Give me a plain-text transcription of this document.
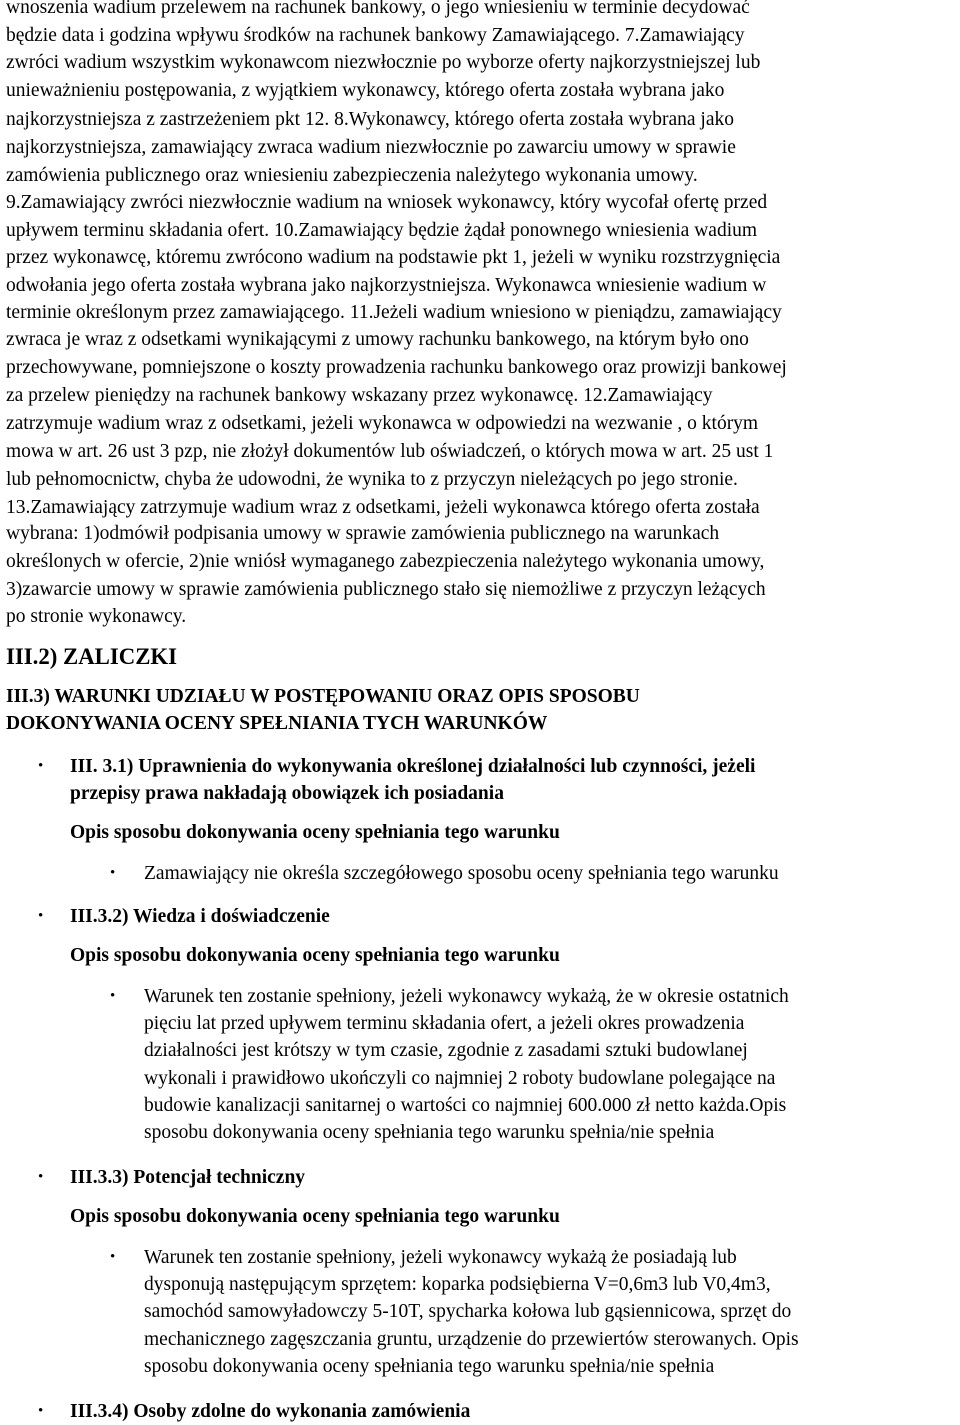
wnoszenia wadium przelewem na rachunek bankowy, o jego wniesieniu w terminie decydować

będzie data i godzina wpływu środków na rachunek bankowy Zamawiającego. 7.Zamawiający

zwróci wadium wszystkim wykonawcom niezwłocznie po wyborze oferty najkorzystniejszej lub

unieważnieniu postępowania, z wyjątkiem wykonawcy, którego oferta została wybrana jako

najkorzystniejsza z zastrzeżeniem pkt 12. 8.Wykonawcy, którego oferta została wybrana jako

najkorzystniejsza, zamawiający zwraca wadium niezwłocznie po zawarciu umowy w sprawie

zamówienia publicznego oraz wniesieniu zabezpieczenia należytego wykonania umowy.

9.Zamawiający zwróci niezwłocznie wadium na wniosek wykonawcy, który wycofał ofertę przed

upływem terminu składania ofert. 10.Zamawiający będzie żądał ponownego wniesienia wadium

przez wykonawcę, któremu zwrócono wadium na podstawie pkt 1, jeżeli w wyniku rozstrzygnięcia

odwołania jego oferta została wybrana jako najkorzystniejsza. Wykonawca wniesienie wadium w

terminie określonym przez zamawiającego. 11.Jeżeli wadium wniesiono w pieniądzu, zamawiający

zwraca je wraz z odsetkami wynikającymi z umowy rachunku bankowego, na którym było ono

przechowywane, pomniejszone o koszty prowadzenia rachunku bankowego oraz prowizji bankowej

za przelew pieniędzy na rachunek bankowy wskazany przez wykonawcę. 12.Zamawiający

zatrzymuje wadium wraz z odsetkami, jeżeli wykonawca w odpowiedzi na wezwanie , o którym

mowa w art. 26 ust 3 pzp, nie złożył dokumentów lub oświadczeń, o których mowa w art. 25 ust 1

lub pełnomocnictw, chyba że udowodni, że wynika to z przyczyn nieleżących po jego stronie.

13.Zamawiający zatrzymuje wadium wraz z odsetkami, jeżeli wykonawca którego oferta została

wybrana: 1)odmówił podpisania umowy w sprawie zamówienia publicznego na warunkach

określonych w ofercie, 2)nie wniósł wymaganego zabezpieczenia należytego wykonania umowy,

3)zawarcie umowy w sprawie zamówienia publicznego stało się niemożliwe z przyczyn leżących

po stronie wykonawcy.

III.2) ZALICZKI
III.3) WARUNKI UDZIAŁU W POSTĘPOWANIU ORAZ OPIS SPOSOBU
DOKONYWANIA OCENY SPEŁNIANIA TYCH WARUNKÓW
• III. 3.1) Uprawnienia do wykonywania określonej działalności lub czynności, jeżeli
przepisy prawa nakładają obowiązek ich posiadania
Opis sposobu dokonywania oceny spełniania tego warunku
• Zamawiający nie określa szczegółowego sposobu oceny spełniania tego warunku
• III.3.2) Wiedza i doświadczenie
Opis sposobu dokonywania oceny spełniania tego warunku
• Warunek ten zostanie spełniony, jeżeli wykonawcy wykażą, że w okresie ostatnich
pięciu lat przed upływem terminu składania ofert, a jeżeli okres prowadzenia
działalności jest krótszy w tym czasie, zgodnie z zasadami sztuki budowlanej
wykonali i prawidłowo ukończyli co najmniej 2 roboty budowlane polegające na
budowie kanalizacji sanitarnej o wartości co najmniej 600.000 zł netto każda.Opis
sposobu dokonywania oceny spełniania tego warunku spełnia/nie spełnia
• III.3.3) Potencjał techniczny
Opis sposobu dokonywania oceny spełniania tego warunku
• Warunek ten zostanie spełniony, jeżeli wykonawcy wykażą że posiadają lub
dysponują następującym sprzętem: koparka podsiębierna V=0,6m3 lub V0,4m3,
samochód samowyładowczy 5-10T, spycharka kołowa lub gąsiennicowa, sprzęt do
mechanicznego zagęszczania gruntu, urządzenie do przewiertów sterowanych. Opis
sposobu dokonywania oceny spełniania tego warunku spełnia/nie spełnia
• III.3.4) Osoby zdolne do wykonania zamówienia
